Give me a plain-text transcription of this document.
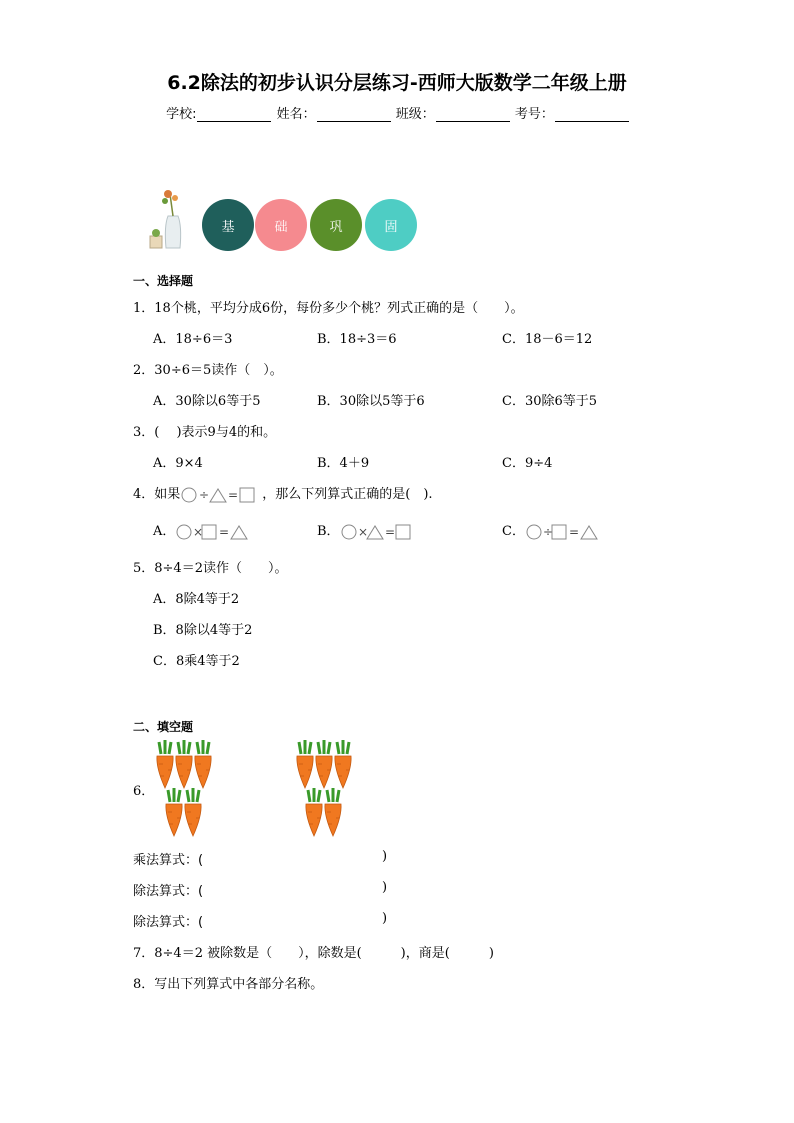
6.2除法的初步认识分层练习-西师大版数学二年级上册
学校:	姓名：	班级：	考号：
基	础	巩	固
一、选择题
1．18个桃，平均分成6份，每份多少个桃？列式正确的是（　　）。
A．18÷6＝3	B．18÷3＝6	C．18－6＝12
2．30÷6＝5读作（　）。
A．30除以6等于5	B．30除以5等于6	C．30除6等于5
3．(　 )表示9与4的和。
A．9×4	B．4＋9	C．9÷4
4．如果 ÷ = ，那么下列算式正确的是(　).
A． × =	B． × =	C． ÷ =
5．8÷4＝2读作（　　）。
A．8除4等于2
B．8除以4等于2
C．8乘4等于2
二、填空题
6．
乘法算式：(	)
除法算式：(	)
除法算式：(	)
7．8÷4＝2 被除数是（　　），除数是(　　　)，商是(　　　)
8．写出下列算式中各部分名称。
